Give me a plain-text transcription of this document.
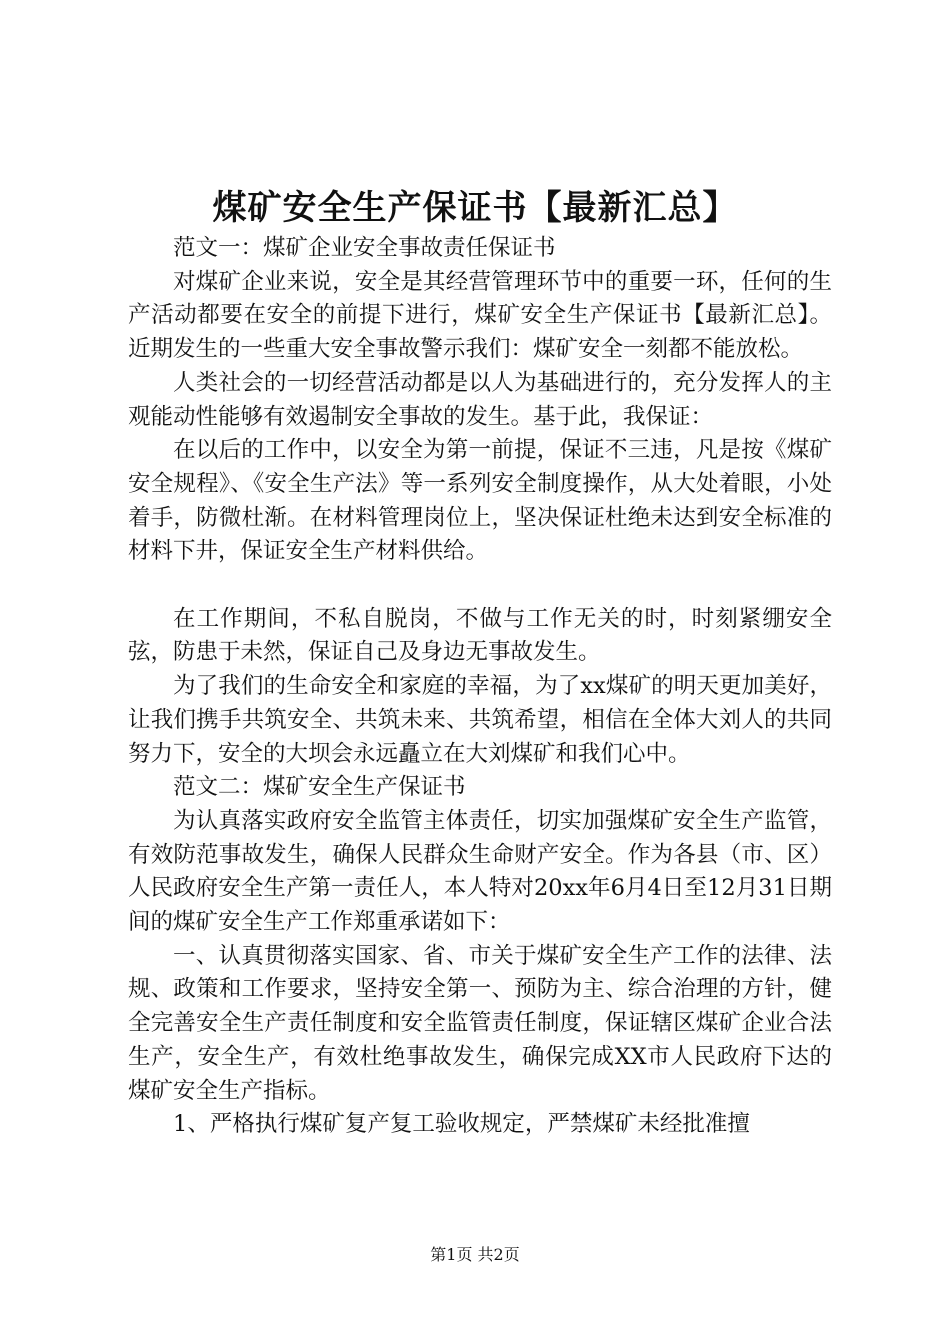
煤矿安全生产保证书【最新汇总】

范文一：煤矿企业安全事故责任保证书

对煤矿企业来说，安全是其经营管理环节中的重要一环，任何的生产活动都要在安全的前提下进行，煤矿安全生产保证书【最新汇总】。近期发生的一些重大安全事故警示我们：煤矿安全一刻都不能放松。

人类社会的一切经营活动都是以人为基础进行的，充分发挥人的主观能动性能够有效遏制安全事故的发生。基于此，我保证：

在以后的工作中，以安全为第一前提，保证不三违，凡是按《煤矿安全规程》、《安全生产法》等一系列安全制度操作，从大处着眼，小处着手，防微杜渐。在材料管理岗位上，坚决保证杜绝未达到安全标准的材料下井，保证安全生产材料供给。

在工作期间，不私自脱岗，不做与工作无关的时，时刻紧绷安全弦，防患于未然，保证自己及身边无事故发生。

为了我们的生命安全和家庭的幸福，为了xx煤矿的明天更加美好，让我们携手共筑安全、共筑未来、共筑希望，相信在全体大刘人的共同努力下，安全的大坝会永远矗立在大刘煤矿和我们心中。

范文二：煤矿安全生产保证书

为认真落实政府安全监管主体责任，切实加强煤矿安全生产监管，有效防范事故发生，确保人民群众生命财产安全。作为各县（市、区）人民政府安全生产第一责任人，本人特对20xx年6月4日至12月31日期间的煤矿安全生产工作郑重承诺如下：

一、认真贯彻落实国家、省、市关于煤矿安全生产工作的法律、法规、政策和工作要求，坚持安全第一、预防为主、综合治理的方针，健全完善安全生产责任制度和安全监管责任制度，保证辖区煤矿企业合法生产，安全生产，有效杜绝事故发生，确保完成XX市人民政府下达的煤矿安全生产指标。

1、严格执行煤矿复产复工验收规定，严禁煤矿未经批准擅

第1页 共2页
